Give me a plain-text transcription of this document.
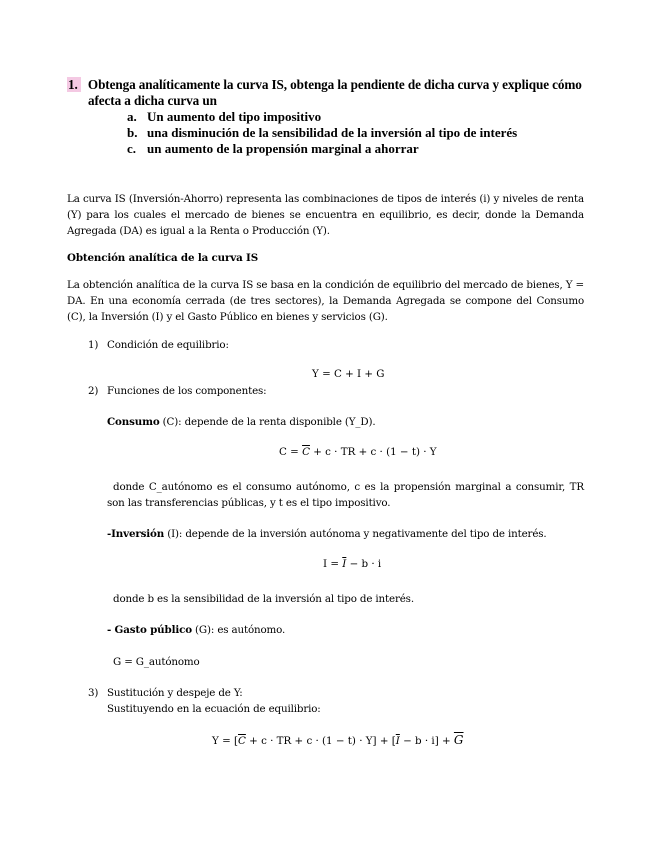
1. Obtenga analíticamente la curva IS, obtenga la pendiente de dicha curva y explique cómo
afecta a dicha curva un
a. Un aumento del tipo impositivo
b. una disminución de la sensibilidad de la inversión al tipo de interés
c. un aumento de la propensión marginal a ahorrar
La curva IS (Inversión-Ahorro) representa las combinaciones de tipos de interés (i) y niveles de renta (Y) para los cuales el mercado de bienes se encuentra en equilibrio, es decir, donde la Demanda Agregada (DA) es igual a la Renta o Producción (Y).
Obtención analítica de la curva IS
La obtención analítica de la curva IS se basa en la condición de equilibrio del mercado de bienes, Y = DA. En una economía cerrada (de tres sectores), la Demanda Agregada se compone del Consumo (C), la Inversión (I) y el Gasto Público en bienes y servicios (G).
1) Condición de equilibrio:
Y = C + I + G
2) Funciones de los componentes:
Consumo (C): depende de la renta disponible (Y_D).
$C = \overline{C} + c$ · TR + c · (1 − t) · Y
donde C_autónomo es el consumo autónomo, c es la propensión marginal a consumir, TR son las transferencias públicas, y t es el tipo impositivo.
-Inversión (I): depende de la inversión autónoma y negativamente del tipo de interés.
$I = \overline{I} - b \cdot i$
donde b es la sensibilidad de la inversión al tipo de interés.
- Gasto público (G): es autónomo.
G = G_autónomo
3) Sustitución y despeje de Y:
Sustituyendo en la ecuación de equilibrio:
$Y = [\overline{C} + c$ · TR + $c \cdot (1 - t) \cdot Y] + [\overline{I} - b \cdot i] + \overline{G}$
